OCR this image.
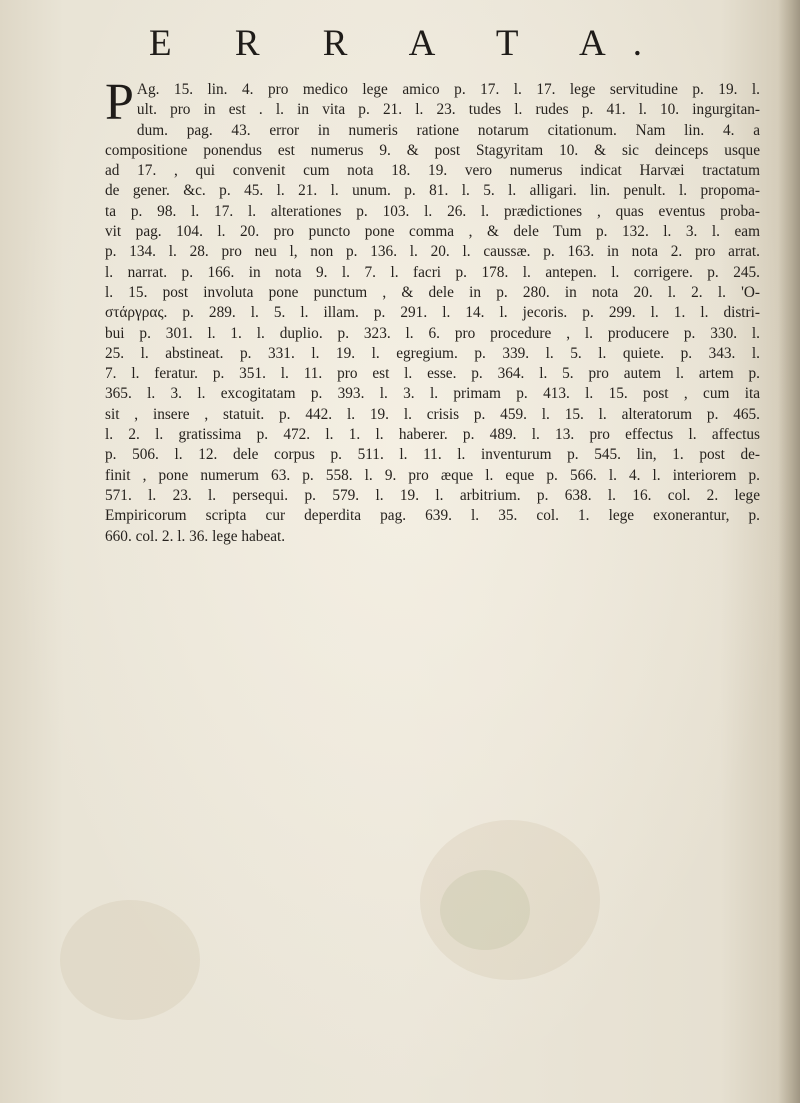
E R R A T A.
P Ag. 15. lin. 4. pro medico lege amico p. 17. l. 17. lege servitudine p. 19. l.
ult. pro in est . l. in vita p. 21. l. 23. tudes l. rudes p. 41. l. 10. ingurgitan-
dum. pag. 43. error in numeris ratione notarum citationum. Nam lin. 4. a
compositione ponendus est numerus 9. & post Stagyritam 10. & sic deinceps usque
ad 17. , qui convenit cum nota 18. 19. vero numerus indicat Harvæi tractatum
de gener. &c. p. 45. l. 21. l. unum. p. 81. l. 5. l. alligari. lin. penult. l. propoma-
ta p. 98. l. 17. l. alterationes p. 103. l. 26. l. prædictiones , quas eventus proba-
vit pag. 104. l. 20. pro puncto pone comma , & dele Tum p. 132. l. 3. l. eam
p. 134. l. 28. pro neu l, non p. 136. l. 20. l. caussæ. p. 163. in nota 2. pro arrat.
l. narrat. p. 166. in nota 9. l. 7. l. facri p. 178. l. antepen. l. corrigere. p. 245.
l. 15. post involuta pone punctum , & dele in p. 280. in nota 20. l. 2. l. 'O-
στάργρας. p. 289. l. 5. l. illam. p. 291. l. 14. l. jecoris. p. 299. l. 1. l. distri-
bui p. 301. l. 1. l. duplio. p. 323. l. 6. pro procedure , l. producere p. 330. l.
25. l. abstineat. p. 331. l. 19. l. egregium. p. 339. l. 5. l. quiete. p. 343. l.
7. l. feratur. p. 351. l. 11. pro est l. esse. p. 364. l. 5. pro autem l. artem p.
365. l. 3. l. excogitatam p. 393. l. 3. l. primam p. 413. l. 15. post , cum ita
sit , insere , statuit. p. 442. l. 19. l. crisis p. 459. l. 15. l. alteratorum p. 465.
l. 2. l. gratissima p. 472. l. 1. l. haberer. p. 489. l. 13. pro effectus l. affectus
p. 506. l. 12. dele corpus p. 511. l. 11. l. inventurum p. 545. lin, 1. post de-
finit , pone numerum 63. p. 558. l. 9. pro æque l. eque p. 566. l. 4. l. interiorem p.
571. l. 23. l. persequi. p. 579. l. 19. l. arbitrium. p. 638. l. 16. col. 2. lege
Empiricorum scripta cur deperdita pag. 639. l. 35. col. 1. lege exonerantur, p.
660. col. 2. l. 36. lege habeat.
